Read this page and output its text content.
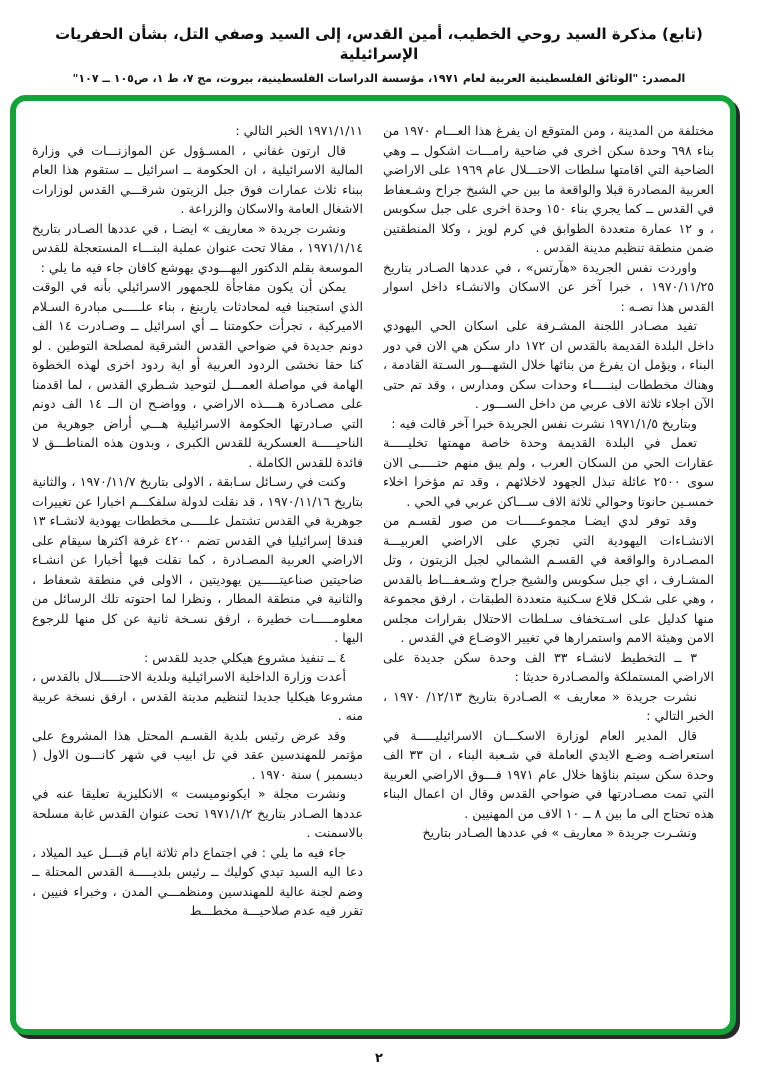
(تابع) مذكرة السيد روحي الخطيب، أمين القدس، إلى السيد وصفي التل، بشأن الحفريات الإسرائيلية
المصدر: "الوثائق الفلسطينية العربية لعام ١٩٧١، مؤسسة الدراسات الفلسطينية، بيروت، مج ٧، ط ١، ص١٠٥ ــ ١٠٧"

مختلفة من المدينة ، ومن المتوقع ان يفرغ هذا العـــام ١٩٧٠ من بناء ٦٩٨ وحدة سكن اخرى في ضاحية رامـــات اشكول ــ وهي الضاحية التي اقامتها سلطات الاحتـــلال عام ١٩٦٩ على الاراضي العربية المصادرة قبلا والواقعة ما بين حي الشيخ جراح وشـعفاط في القدس ــ كما يجري بناء ١٥٠ وحدة اخرى على جبل سكوبس ، و ١٢ عمارة متعددة الطوابق في كرم لويز ، وكلا المنطقتين ضمن منطقة تنظيم مدينة القدس .

واوردت نفس الجريدة «هآرتس» ، في عددها الصـادر بتاريخ ١٩٧٠/١١/٢٥ ، خبرا آخر عن الاسكان والانشـاء داخل اسوار القدس هذا نصـه :

تفيد مصـادر اللجنة المشـرفة على اسكان الحي اليهودي داخل البلدة القديمة بالقدس ان ١٧٢ دار سكن هي الان في دور البناء ، ويؤمل ان يفرغ من بنائها خلال الشهـــور السـتة القادمة ، وهناك مخططات لبنـــــاء وحدات سكن ومدارس ، وقد تم حتى الآن اجلاء ثلاثة الاف عربي من داخل الســـور .

وبتاريخ ١٩٧١/١/٥ نشرت نفس الجريدة خبرا آخر قالت فيه :

تعمل في البلدة القديمة وحدة خاصة مهمتها تخليـــــة عقارات الحي من السكان العرب ، ولم يبق منهم حتـــــى الان سوى ٢٥٠٠ عائلة تبذل الجهود لاخلائهم ، وقد تم مؤخرا اخلاء خمسـين حانوتا وحوالي ثلاثة الاف ســـاكن عربي في الحي .

وقد توفر لدي ايضـا مجموعـــــات من صور لقسـم من الانشـاءات اليهودية التي تجري على الاراضي العربيـــة المصـادرة والواقعة في القسـم الشمالي لجبل الزيتون ، وتل المشـارف ، اي جبل سكوبس والشيخ جراح وشـعفـــاط بالقدس ، وهي على شـكل قلاع سـكنية متعددة الطبقات ، ارفق مجموعة منها كدليل على اسـتخفاف سـلطات الاحتلال بقرارات مجلس الامن وهيئة الامم واستمرارها في تغيير الاوضـاع في القدس .

٣ ــ التخطيط لانشـاء ٣٣ الف وحدة سكن جديدة على الاراضي المستملكة والمصـادرة حديثا :

نشرت جريدة « معاريف » الصـادرة بتاريخ ١٢/١٣/ ١٩٧٠ ، الخبر التالي :

قال المدير العام لوزارة الاسكـــان الاسرائيليـــــة في استعراضـه وضـع الايدي العاملة في شـعبة البناء ، ان ٣٣ الف وحدة سكن سيتم بناؤها خلال عام ١٩٧١ فـــوق الاراضي العربية التي تمت مصـادرتها في ضواحي القدس وقال ان اعمال البناء هذه تحتاج الى ما بين ٨ ــ ١٠ الاف من المهنيين .

ونشـرت جريدة « معاريف » في عددها الصـادر بتاريخ

١٩٧١/١/١١ الخبر التالي :

قال ارتون غفاني ، المسـؤول عن الموازنـــات في وزارة المالية الاسرائيلية ، ان الحكومة ــ اسرائيل ــ ستقوم هذا العام ببناء ثلاث عمارات فوق جبل الزيتون شرقـــي القدس لوزارات الاشغال العامة والاسكان والزراعة .

ونشرت جريدة « معاريف » ايضـا ، في عددها الصـادر بتاريخ ١٩٧١/١/١٤ ، مقالا تحت عنوان عملية البنـــاء المستعجلة للقدس الموسعة بقلم الدكتور اليهـــودي يهوشع كافان جاء فيه ما يلي :

يمكن أن يكون مفاجأة للجمهور الاسرائيلي بأنه في الوقت الذي استجبنا فيه لمحادثات يارينغ ، بناء علـــــى مبادرة السـلام الاميركية ، تجرأت حكومتنا ــ أي اسرائيل ــ وصـادرت ١٤ الف دونم جديدة في ضواحي القدس الشرقية لمصلحة التوطين . لو كنا حقا نخشى الردود العربية أو اية ردود اخرى لهذه الخطوة الهامة في مواصلة العمـــل لتوحيد شـطري القدس ، لما اقدمنا على مصـادرة هــــذه الاراضي ، وواضـح ان الــ ١٤ الف دونم التي صـادرتها الحكومة الاسرائيلية هـــي أراض جوهرية من الناحيـــــة العسكرية للقدس الكبرى ، وبدون هذه المناطـــق لا فائدة للقدس الكاملة .

وكنت في رسـائل سـابقة ، الاولى بتاريخ ١٩٧٠/١١/٧ ، والثانية بتاريخ ١٩٧٠/١١/١٦ ، قد نقلت لدولة سلفكـــم اخبارا عن تغييرات جوهرية في القدس تشتمل علـــــى مخططات يهودية لانشـاء ١٣ فندقا إسرائيليا في القدس تضم ٤٢٠٠ غرفة اكثرها سيقام على الاراضي العربية المصـادرة ، كما نقلت فيها أخبارا عن انشـاء ضاحيتين صناعيتـــــين يهوديتين ، الاولى في منطقة شعفاط ، والثانية في منطقة المطار ، ونظرا لما احتوته تلك الرسائل من معلومـــــات خطيرة ، ارفق نسـخة ثانية عن كل منها للرجوع اليها .

٤ ــ تنفيذ مشروع هيكلي جديد للقدس :

أعدت وزارة الداخلية الاسرائيلية وبلدية الاحتـــــلال بالقدس ، مشروعا هيكليا جديدا لتنظيم مدينة القدس ، ارفق نسخة عربية منه .

وقد عرض رئيس بلدية القسـم المحتل هذا المشروع على مؤتمر للمهندسين عقد في تل ابيب في شهر كانـــون الاول ( ديسمبر ) سنة ١٩٧٠ .

ونشرت مجلة « ايكونوميست » الانكليزية تعليقا عنه في عددها الصـادر بتاريخ ١٩٧١/١/٢ تحت عنوان القدس غابة مسلحة بالاسمنت .

جاء فيه ما يلي : في اجتماع دام ثلاثة ايام قبـــل عيد الميلاد ، دعا اليه السيد تيدي كوليك ــ رئيس بلديـــــة القدس المحتلة ــ وضم لجنة عالية للمهندسين ومنظمـــي المدن ، وخبراء فنيين ، تقرر فيه عدم صلاحيـــة مخطـــط

٢
